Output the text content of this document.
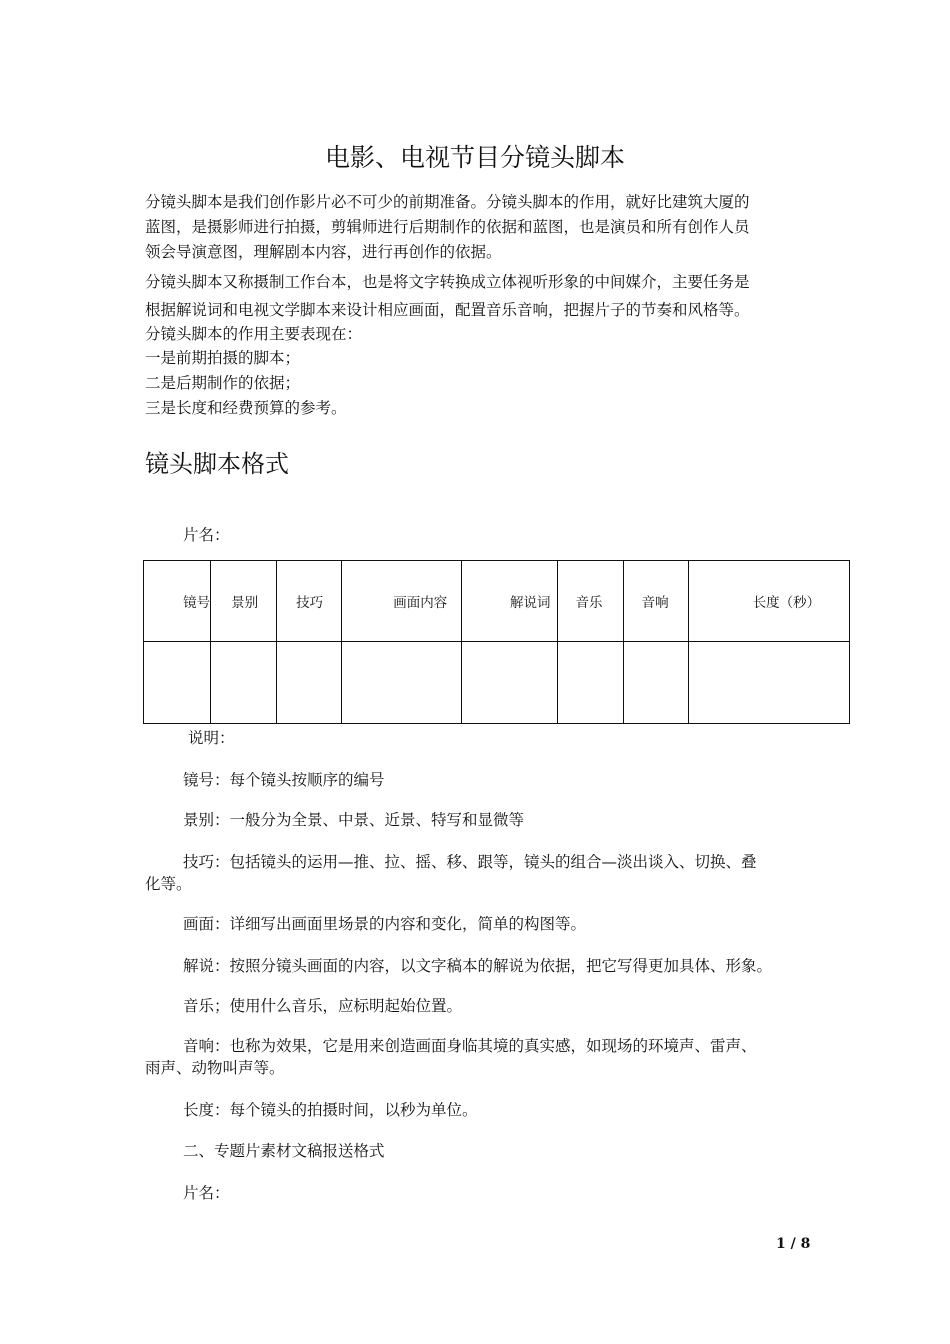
电影、电视节目分镜头脚本
分镜头脚本是我们创作影片必不可少的前期准备。分镜头脚本的作用，就好比建筑大厦的
蓝图，是摄影师进行拍摄，剪辑师进行后期制作的依据和蓝图，也是演员和所有创作人员
领会导演意图，理解剧本内容，进行再创作的依据。
分镜头脚本又称摄制工作台本，也是将文字转换成立体视听形象的中间媒介，主要任务是
根据解说词和电视文学脚本来设计相应画面，配置音乐音响，把握片子的节奏和风格等。
分镜头脚本的作用主要表现在：
一是前期拍摄的脚本；
二是后期制作的依据；
三是长度和经费预算的参考。
镜头脚本格式
片名：
镜号	景别	技巧	画面内容	解说词	音乐	音响	长度（秒）

说明：
镜号：每个镜头按顺序的编号
景别：一般分为全景、中景、近景、特写和显微等
技巧：包括镜头的运用—推、拉、摇、移、跟等，镜头的组合—淡出谈入、切换、叠
化等。
画面：详细写出画面里场景的内容和变化，简单的构图等。
解说：按照分镜头画面的内容，以文字稿本的解说为依据，把它写得更加具体、形象。
音乐；使用什么音乐，应标明起始位置。
音响：也称为效果，它是用来创造画面身临其境的真实感，如现场的环境声、雷声、
雨声、动物叫声等。
长度：每个镜头的拍摄时间，以秒为单位。
二、专题片素材文稿报送格式
片名：
1 / 8
